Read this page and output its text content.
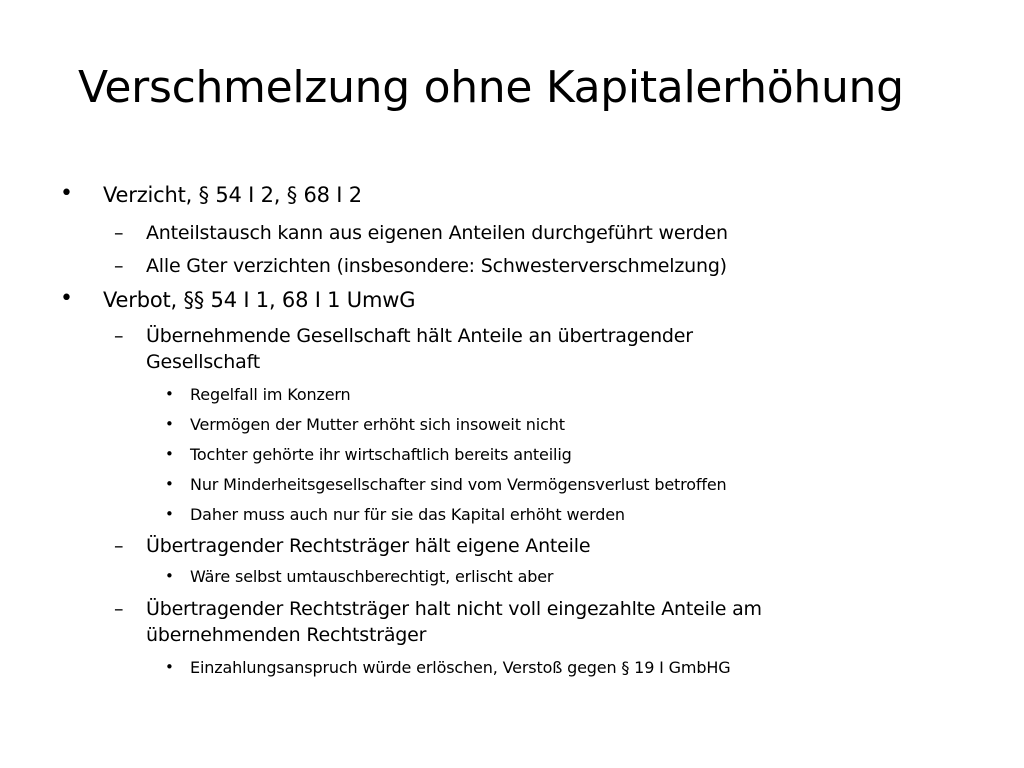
Verschmelzung ohne Kapitalerhöhung
• Verzicht, § 54 I 2, § 68 I 2
– Anteilstausch kann aus eigenen Anteilen durchgeführt werden
– Alle Gter verzichten (insbesondere: Schwesterverschmelzung)
• Verbot, §§ 54 I 1, 68 I 1 UmwG
– Übernehmende Gesellschaft hält Anteile an übertragender
Gesellschaft
• Regelfall im Konzern
• Vermögen der Mutter erhöht sich insoweit nicht
• Tochter gehörte ihr wirtschaftlich bereits anteilig
• Nur Minderheitsgesellschafter sind vom Vermögensverlust betroffen
• Daher muss auch nur für sie das Kapital erhöht werden
– Übertragender Rechtsträger hält eigene Anteile
• Wäre selbst umtauschberechtigt, erlischt aber
– Übertragender Rechtsträger halt nicht voll eingezahlte Anteile am
übernehmenden Rechtsträger
• Einzahlungsanspruch würde erlöschen, Verstoß gegen § 19 I GmbHG
